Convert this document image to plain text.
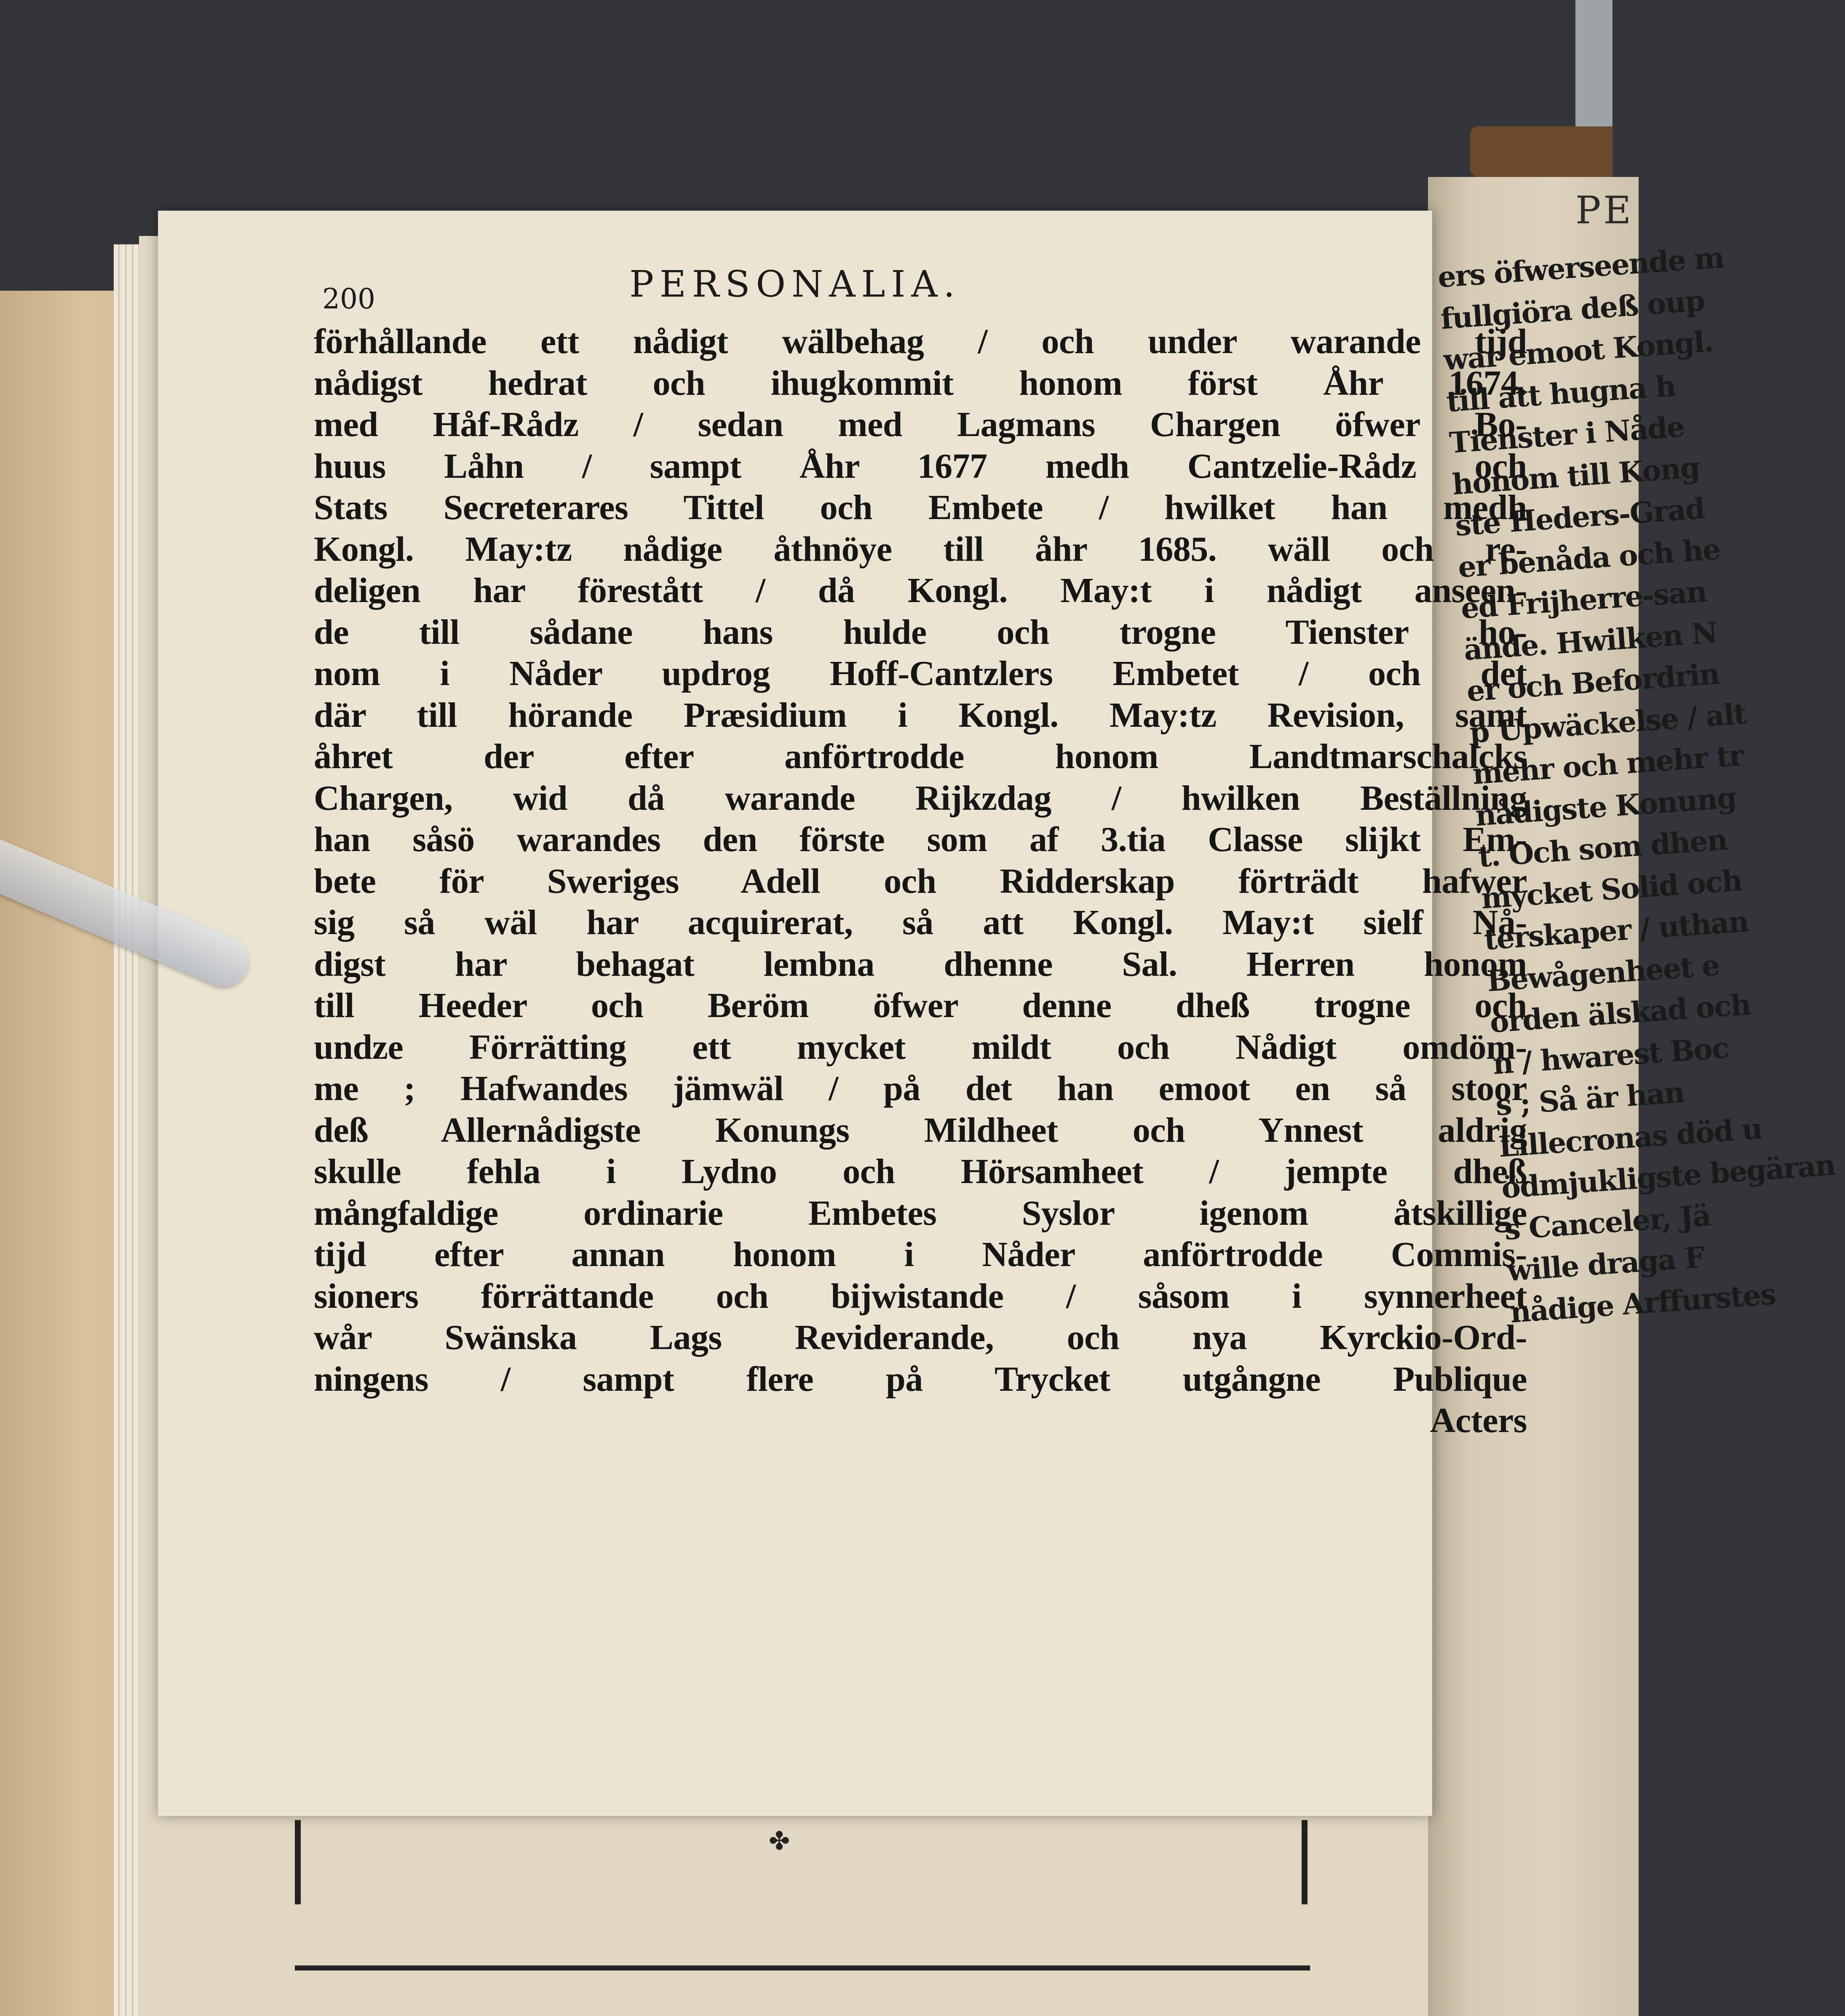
✤
PE
ers öfwerseende m
fullgiöra deß oup
war emoot Kongl.
till att hugna h
Tienster i Nåde
honom till Kong
ste Heders-Grad
er benåda och he
ed Frijherre-san
ände. Hwilken N
er och Befordrin
p Upwäckelse / alt
mehr och mehr tr
nådigste Konung
t. Och som dhen
mycket Solid och
terskaper / uthan
Bewågenheet e
orden älskad och
n / hwarest Boc
s ; Så är han
Lillecronas död u
ödmjukligste begäran
s Canceler, Jä
wille draga F
nådige Arffurstes
200	PERSONALIA.
förhållande ett nådigt wälbehag / och under warande tijd
nådigst hedrat och ihugkommit honom först Åhr 1674.
med Håf-Rådz / sedan med Lagmans Chargen öfwer Bo-
huus Låhn / sampt Åhr 1677 medh Cantzelie-Rådz och
Stats Secreterares Tittel och Embete / hwilket han medh
Kongl. May:tz nådige åthnöye till åhr 1685. wäll och re-
deligen har förestått / då Kongl. May:t i nådigt anseen-
de till sådane hans hulde och trogne Tienster ho-
nom i Nåder updrog Hoff-Cantzlers Embetet / och det
där till hörande Præsidium i Kongl. May:tz Revision, samt
åhret der efter anförtrodde honom Landtmarschalcks
Chargen, wid då warande Rijkzdag / hwilken Beställning
han såsö warandes den förste som af 3.tia Classe slijkt Em-
bete för Sweriges Adell och Ridderskap förträdt hafwer
sig så wäl har acquirerat, så att Kongl. May:t sielf Nå-
digst har behagat lembna dhenne Sal. Herren honom
till Heeder och Beröm öfwer denne dheß trogne och
undze Förrätting ett mycket mildt och Nådigt omdöm-
me ; Hafwandes jämwäl / på det han emoot en så stoor
deß Allernådigste Konungs Mildheet och Ynnest aldrig
skulle fehla i Lydno och Hörsamheet / jempte dheß
mångfaldige ordinarie Embetes Syslor igenom åtskillige
tijd efter annan honom i Nåder anförtrodde Commis-
sioners förrättande och bijwistande / såsom i synnerheet
wår Swänska Lags Reviderande, och nya Kyrckio-Ord-
ningens / sampt flere på Trycket utgångne Publique
Acters
